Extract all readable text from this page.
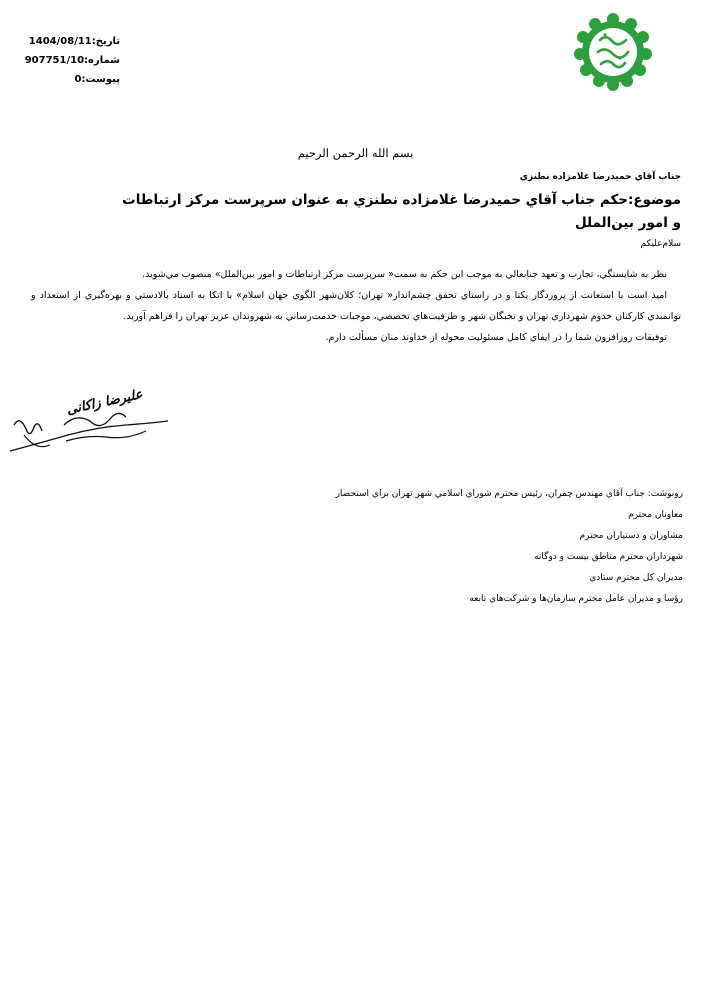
تاریخ:1404/08/11
شماره:907751/10
پیوست:0
بسم الله الرحمن الرحيم
جناب آقاي حميدرضا غلامزاده نطنزي
موضوع:حکم جناب آقاي حميدرضا غلامزاده نطنزي به عنوان سرپرست مرکز ارتباطات و امور بين‌الملل
سلام‌عليکم

نظر به شايستگي، تجارب و تعهد جنابعالي به موجب اين حکم به سمت« سرپرست مرکز ارتباطات و امور بين‌الملل» منصوب مي‌شويد.

اميد است با استعانت از پروردگار يکتا و در راستاي تحقق چشم‌انداز« تهران؛ کلان‌شهر الگوي جهان اسلام» با اتکا به اسناد بالادستي و بهره‌گيري از استعداد و توانمندي کارکنان خدوم شهرداري تهران و نخبگان شهر و ظرفيت‌هاي تخصصي، موجبات خدمت‌رساني به شهروندان عزيز تهران را فراهم آوريد.

توفيقات روزافزون شما را در ايفاي کامل مسئوليت محوله از خداوند منان مسألت دارم.

عليرضا زاکانی
رونوشت: جناب آقاي مهندس چمران، رئيس محترم شوراي اسلامي شهر تهران براي استحضار
معاونان محترم
مشاوران و دستياران محترم
شهرداران محترم مناطق بيست و دوگانه
مديران کل محترم ستادي
رؤسا و مديران عامل محترم سازمان‌ها و شرکت‌هاي تابعه
